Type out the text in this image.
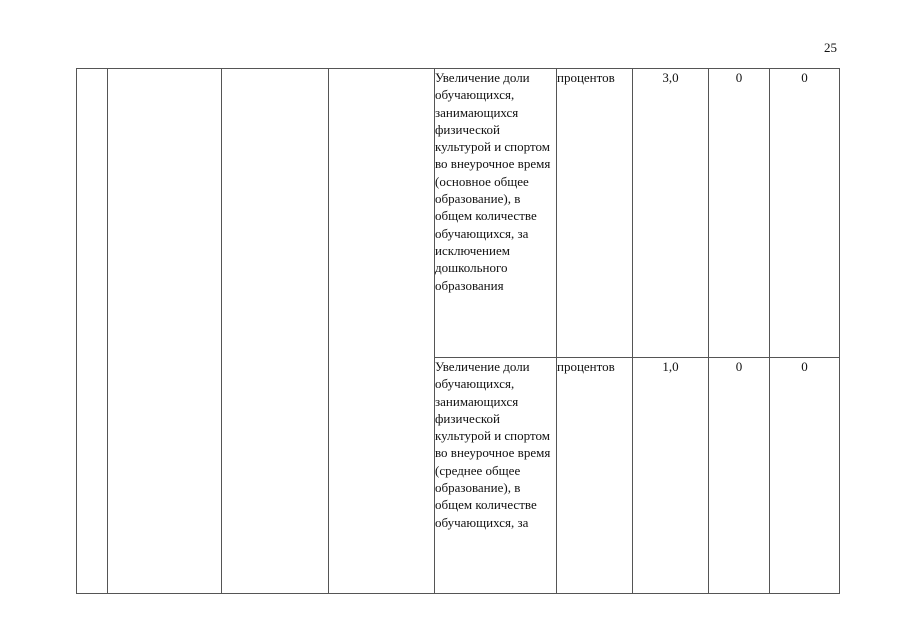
25

				Увеличение доли обучающихся, занимающихся физической культурой и спортом во внеурочное время (основное общее образование), в общем количестве обучающихся, за исключением дошкольного образования	процентов	3,0	0	0

				Увеличение доли обучающихся, занимающихся физической культурой и спортом во внеурочное время (среднее общее образование), в общем количестве обучающихся, за	процентов	1,0	0	0
